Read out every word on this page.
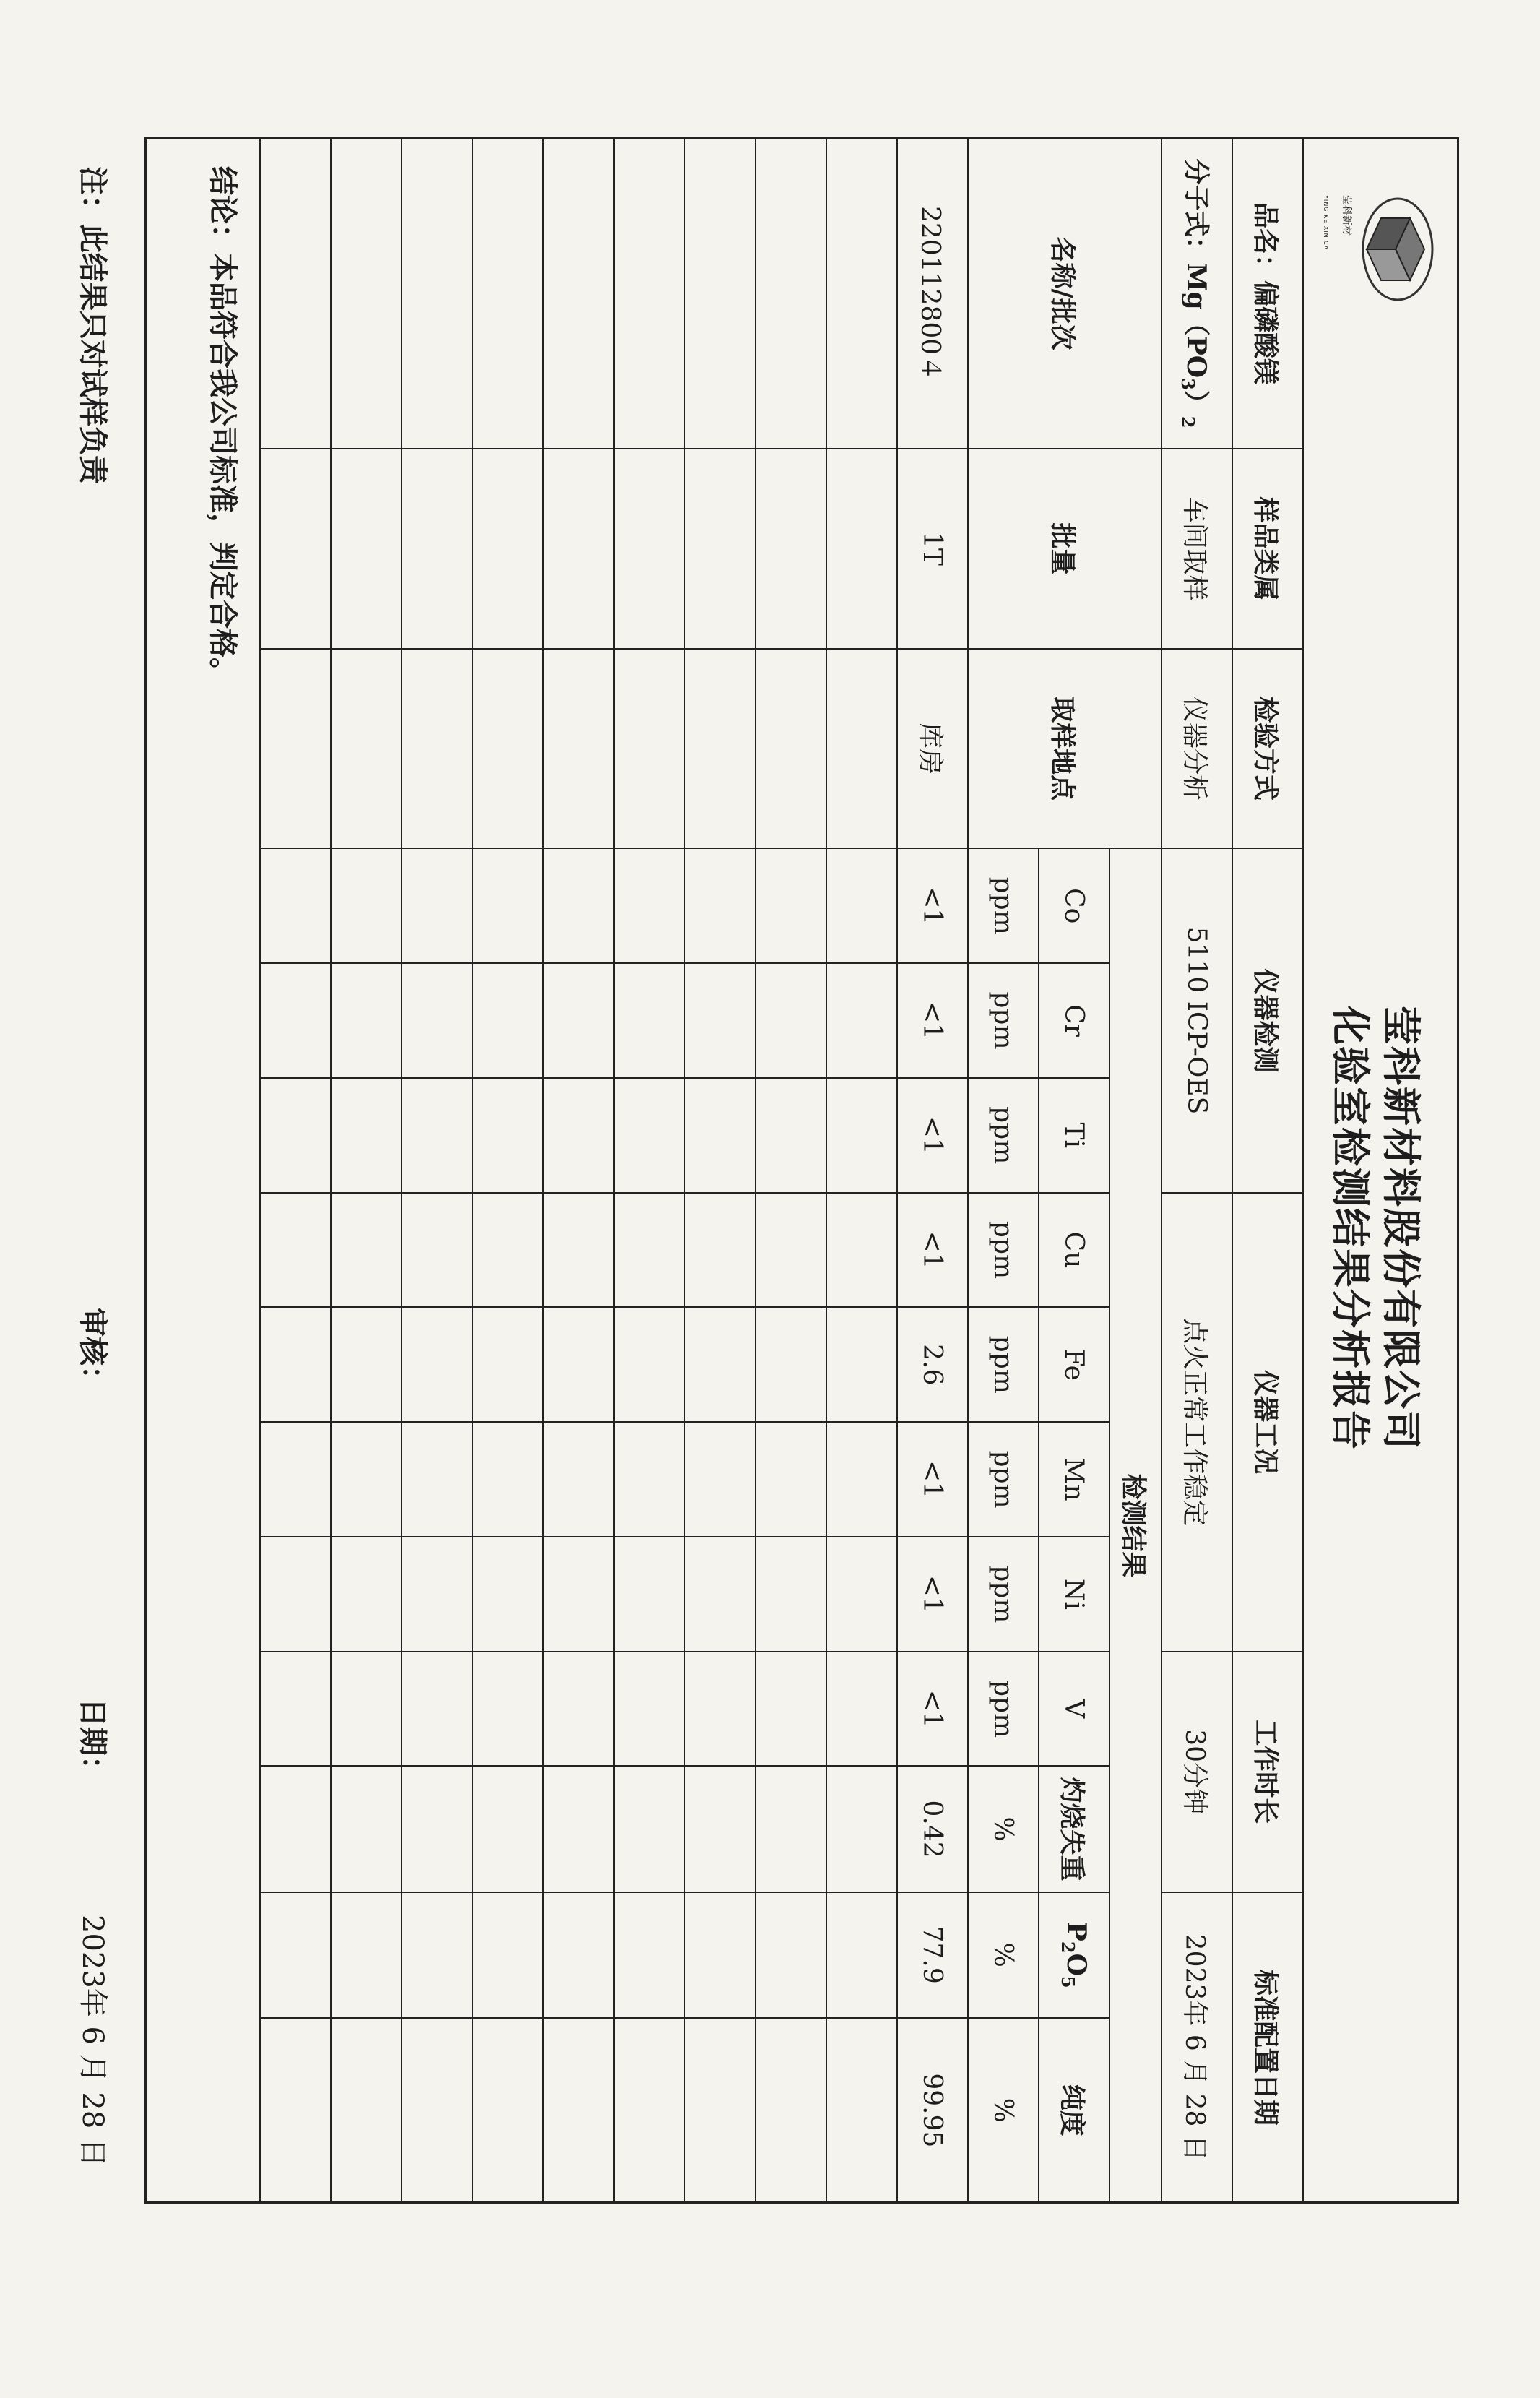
莹科新材
YING KE XIN CAI
莹科新材料股份有限公司
化验室检测结果分析报告
品名：偏磷酸镁	样品类属	检验方式	仪器检测			仪器工况				工作时长		标准配置日期	
分子式：$Mg(PO_3)_2$	车间取样	仪器分析	5110 ICP-OES			点火正常工作稳定				30分钟		2023年 6 月 28 日	
名称/批次	批量	取样地点	检测结果										
			Co	Cr	Ti	Cu	Fe	Mn	Ni	V	灼烧失重	$P_2O_5$	纯度
			ppm	ppm	ppm	ppm	ppm	ppm	ppm	ppm	%	%	%
220112800４	1T	库房	<1	<1	<1	<1	2.6	<1	<1	<1	0.42	77.9	99.95

结论：本品符合我公司标准，判定合格。
注：此结果只对试样负责
审核：
日期：
2023年 6 月 28 日
